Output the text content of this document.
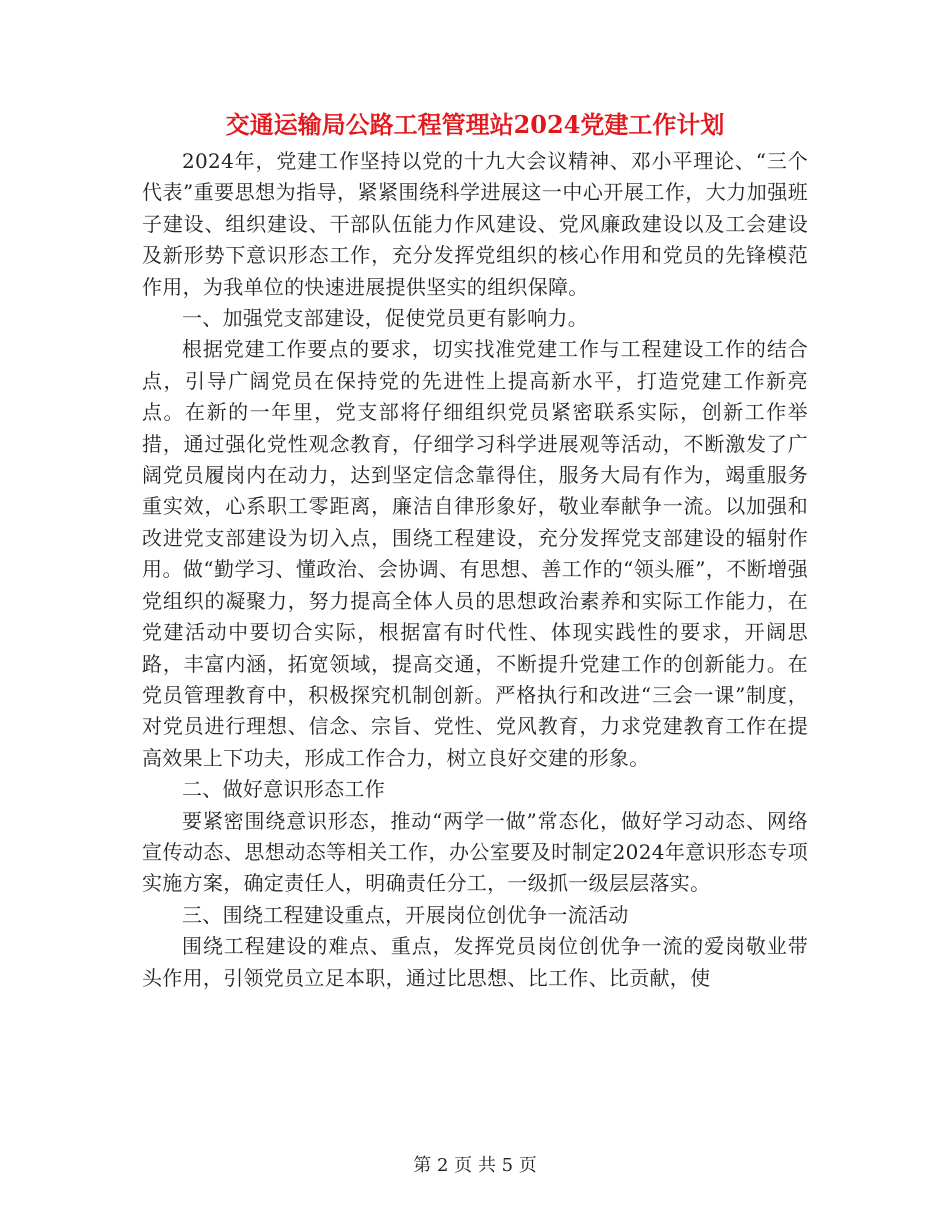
交通运输局公路工程管理站2024党建工作计划

2024年，党建工作坚持以党的十九大会议精神、邓小平理论、“三个代表”重要思想为指导，紧紧围绕科学进展这一中心开展工作，大力加强班子建设、组织建设、干部队伍能力作风建设、党风廉政建设以及工会建设及新形势下意识形态工作，充分发挥党组织的核心作用和党员的先锋模范作用，为我单位的快速进展提供坚实的组织保障。

一、加强党支部建设，促使党员更有影响力。

根据党建工作要点的要求，切实找准党建工作与工程建设工作的结合点，引导广阔党员在保持党的先进性上提高新水平，打造党建工作新亮点。在新的一年里，党支部将仔细组织党员紧密联系实际，创新工作举措，通过强化党性观念教育，仔细学习科学进展观等活动，不断激发了广阔党员履岗内在动力，达到坚定信念靠得住，服务大局有作为，竭重服务重实效，心系职工零距离，廉洁自律形象好，敬业奉献争一流。以加强和改进党支部建设为切入点，围绕工程建设，充分发挥党支部建设的辐射作用。做“勤学习、懂政治、会协调、有思想、善工作的“领头雁”，不断增强党组织的凝聚力，努力提高全体人员的思想政治素养和实际工作能力，在党建活动中要切合实际，根据富有时代性、体现实践性的要求，开阔思路，丰富内涵，拓宽领域，提高交通，不断提升党建工作的创新能力。在党员管理教育中，积极探究机制创新。严格执行和改进“三会一课”制度，对党员进行理想、信念、宗旨、党性、党风教育，力求党建教育工作在提高效果上下功夫，形成工作合力，树立良好交建的形象。

二、做好意识形态工作

要紧密围绕意识形态，推动“两学一做”常态化，做好学习动态、网络宣传动态、思想动态等相关工作，办公室要及时制定2024年意识形态专项实施方案，确定责任人，明确责任分工，一级抓一级层层落实。

三、围绕工程建设重点，开展岗位创优争一流活动

围绕工程建设的难点、重点，发挥党员岗位创优争一流的爱岗敬业带头作用，引领党员立足本职，通过比思想、比工作、比贡献，使

第 2 页 共 5 页
